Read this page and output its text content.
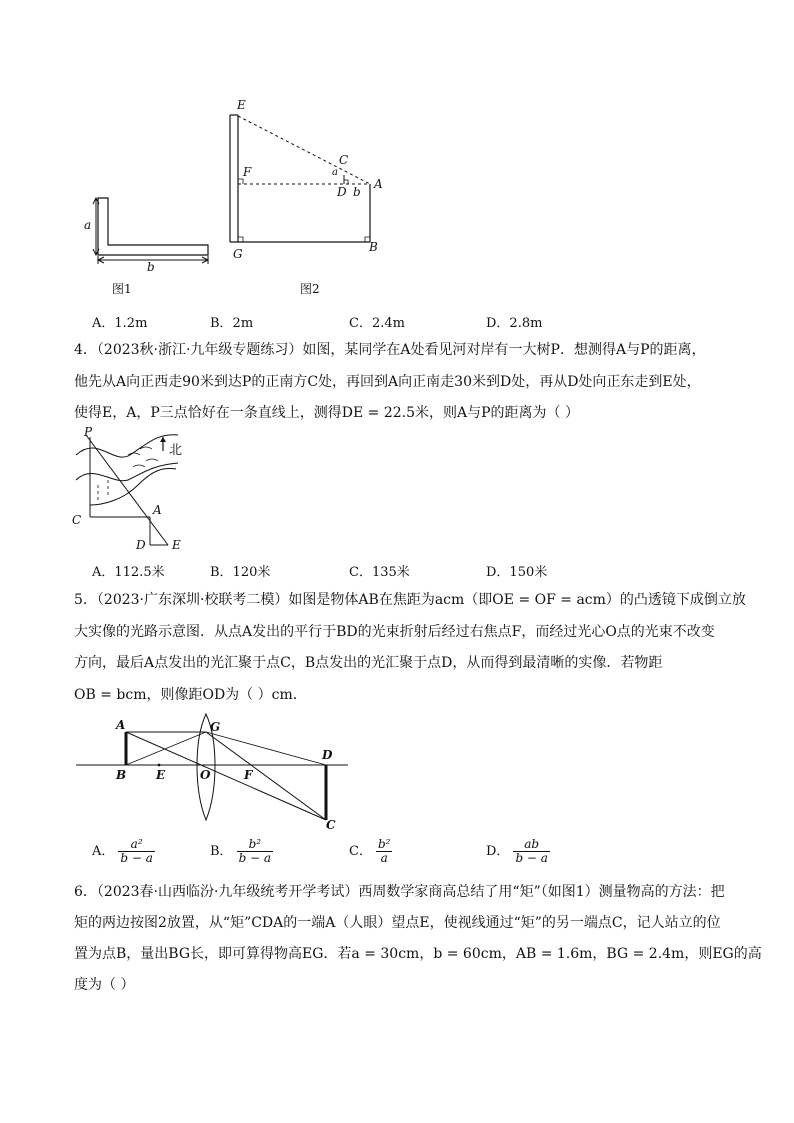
a
b
图1
E
C
F	a
A
D b
G	B
图2
A．1.2m	B．2m	C．2.4m	D．2.8m
4．（2023秋·浙江·九年级专题练习）如图，某同学在A处看见河对岸有一大树P．想测得A与P的距离，
他先从A向正西走90米到达P的正南方C处，再回到A向正南走30米到D处，再从D处向正东走到E处，
使得E，A，P三点恰好在一条直线上，测得DE = 22.5米，则A与P的距离为（ ）
P
北
C
A
D E
A．112.5米	B．120米	C．135米	D．150米
5．（2023·广东深圳·校联考二模）如图是物体AB在焦距为acm（即OE = OF = acm）的凸透镜下成倒立放
大实像的光路示意图．从点A发出的平行于BD的光束折射后经过右焦点F，而经过光心O点的光束不改变
方向，最后A点发出的光汇聚于点C，B点发出的光汇聚于点D，从而得到最清晰的实像．若物距
OB = bcm，则像距OD为（ ）cm．
A	G
D
B E	O	F
C
A． $\frac{\text{a²}}{b - a}$	B． $\frac{\text{b²}}{b - a}$	C． $\frac{\text{b²}}{a}$	D． $\frac{ab}{b - a}$
6．（2023春·山西临汾·九年级统考开学考试）西周数学家商高总结了用“矩”（如图1）测量物高的方法：把
矩的两边按图2放置，从“矩”CDA的一端A（人眼）望点E，使视线通过“矩”的另一端点C，记人站立的位
置为点B，量出BG长，即可算得物高EG．若a = 30cm，b = 60cm，AB = 1.6m，BG = 2.4m，则EG的高
度为（ ）
